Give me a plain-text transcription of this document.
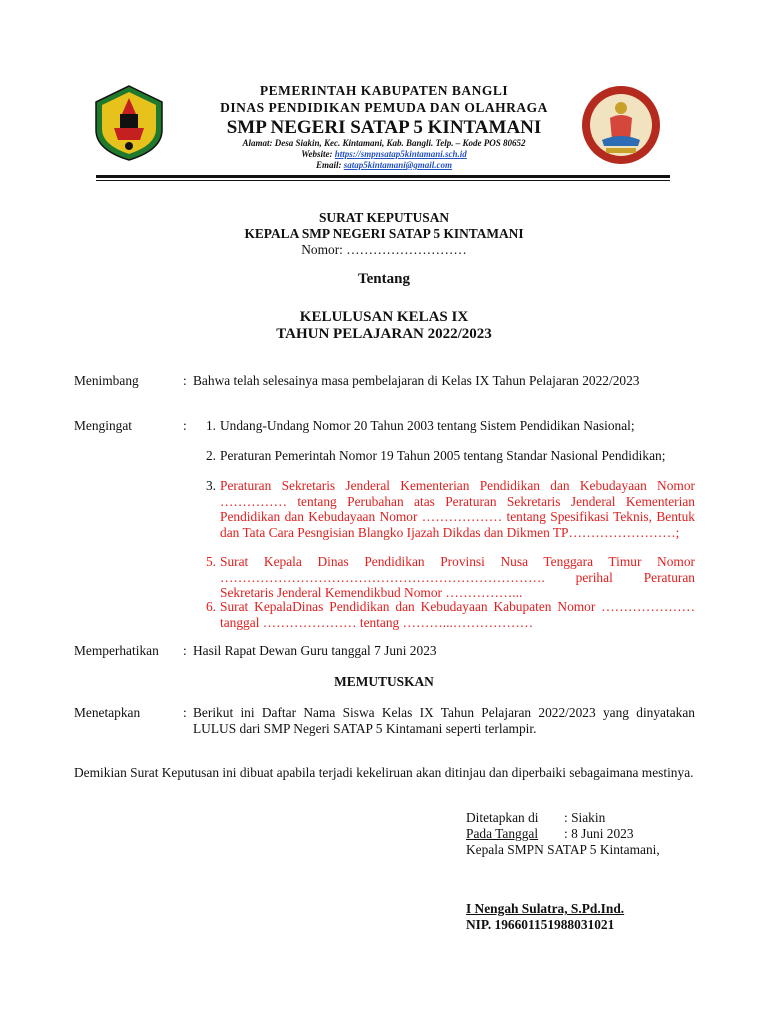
PEMERINTAH KABUPATEN BANGLI
DINAS PENDIDIKAN PEMUDA DAN OLAHRAGA
SMP NEGERI SATAP 5 KINTAMANI
Alamat: Desa Siakin, Kec. Kintamani, Kab. Bangli. Telp. – Kode POS 80652
Website: https://smpnsatap5kintamani.sch.id
Email: satap5kintamani@gmail.com
SURAT KEPUTUSAN
KEPALA SMP NEGERI SATAP 5 KINTAMANI
Nomor: ………………………
Tentang
KELULUSAN KELAS IX
TAHUN PELAJARAN 2022/2023
Menimbang	: Bahwa telah selesainya masa pembelajaran di Kelas IX Tahun Pelajaran 2022/2023
Mengingat	:	1. Undang-Undang Nomor 20 Tahun 2003 tentang Sistem Pendidikan Nasional;
2. Peraturan Pemerintah Nomor 19 Tahun 2005 tentang Standar Nasional Pendidikan;
3. Peraturan Sekretaris Jenderal Kementerian Pendidikan dan Kebudayaan Nomor …………… tentang Perubahan atas Peraturan Sekretaris Jenderal Kementerian Pendidikan dan Kebudayaan Nomor ……………… tentang Spesifikasi Teknis, Bentuk dan Tata Cara Pesngisian Blangko Ijazah Dikdas dan Dikmen TP……………………;
5. Surat Kepala Dinas Pendidikan Provinsi Nusa Tenggara Timur Nomor ………………………………………………………………. perihal Peraturan Sekretaris Jenderal Kemendikbud Nomor ……………...
6. Surat KepalaDinas Pendidikan dan Kebudayaan Kabupaten Nomor ………………… tanggal ………………… tentang ………...………………
Memperhatikan : Hasil Rapat Dewan Guru tanggal 7 Juni 2023
MEMUTUSKAN
Menetapkan	: Berikut ini Daftar Nama Siswa Kelas IX Tahun Pelajaran 2022/2023 yang dinyatakan LULUS dari SMP Negeri SATAP 5 Kintamani seperti terlampir.
Demikian Surat Keputusan ini dibuat apabila terjadi kekeliruan akan ditinjau dan diperbaiki sebagaimana mestinya.
Ditetapkan di : Siakin
Pada Tanggal : 8 Juni 2023
Kepala SMPN SATAP 5 Kintamani,
I Nengah Sulatra, S.Pd.Ind.
NIP. 196601151988031021
